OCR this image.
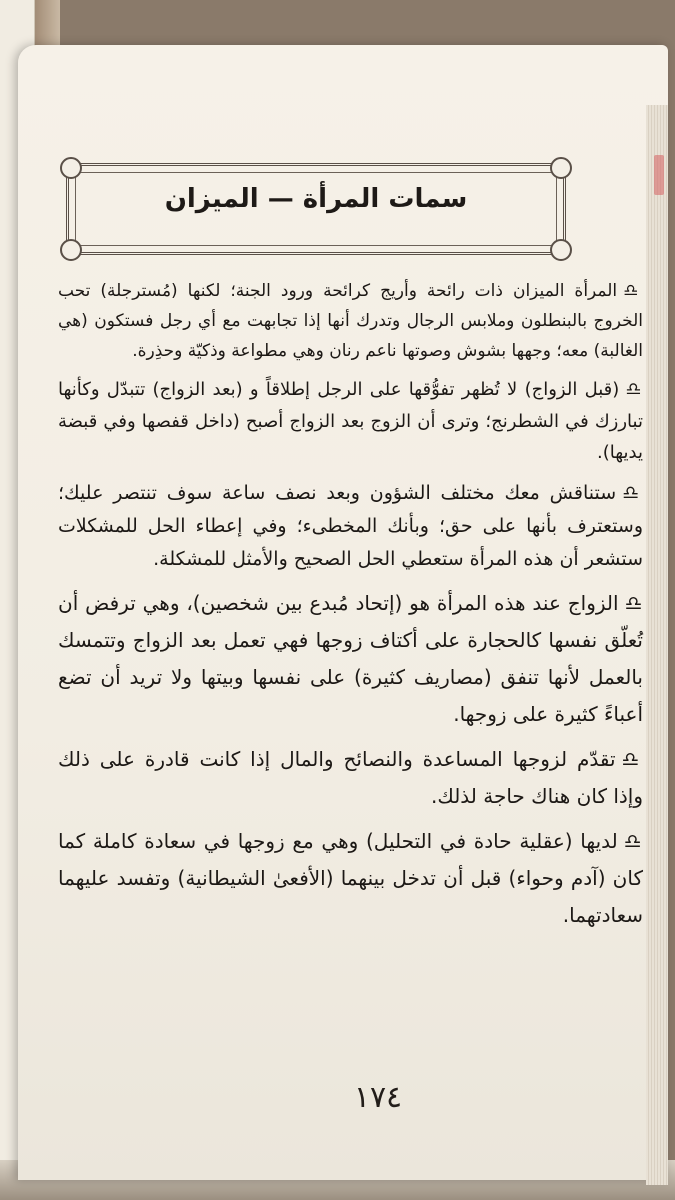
سمات المرأة — الميزان

♎المرأة الميزان ذات رائحة وأريج كرائحة ورود الجنة؛ لكنها (مُسترجلة) تحب الخروج بالبنطلون وملابس الرجال وتدرك أنها إذا تجابهت مع أي رجل فستكون (هي الغالبة) معه؛ وجهها بشوش وصوتها ناعم رنان وهي مطواعة وذكيّة وحذِرة.

♎(قبل الزواج) لا تُظهر تفوُّقها على الرجل إطلاقاً و (بعد الزواج) تتبدّل وكأنها تبارزك في الشطرنج؛ وترى أن الزوج بعد الزواج أصبح (داخل قفصها وفي قبضة يديها).

♎ستناقش معك مختلف الشؤون وبعد نصف ساعة سوف تنتصر عليك؛ وستعترف بأنها على حق؛ وبأنك المخطىء؛ وفي إعطاء الحل للمشكلات ستشعر أن هذه المرأة ستعطي الحل الصحيح والأمثل للمشكلة.

♎الزواج عند هذه المرأة هو (إتحاد مُبدع بين شخصين)، وهي ترفض أن تُعلّق نفسها كالحجارة على أكتاف زوجها فهي تعمل بعد الزواج وتتمسك بالعمل لأنها تنفق (مصاريف كثيرة) على نفسها وبيتها ولا تريد أن تضع أعباءً كثيرة على زوجها.

♎تقدّم لزوجها المساعدة والنصائح والمال إذا كانت قادرة على ذلك وإذا كان هناك حاجة لذلك.

♎لديها (عقلية حادة في التحليل) وهي مع زوجها في سعادة كاملة كما كان (آدم وحواء) قبل أن تدخل بينهما (الأفعىٰ الشيطانية) وتفسد عليهما سعادتهما.

١٧٤
